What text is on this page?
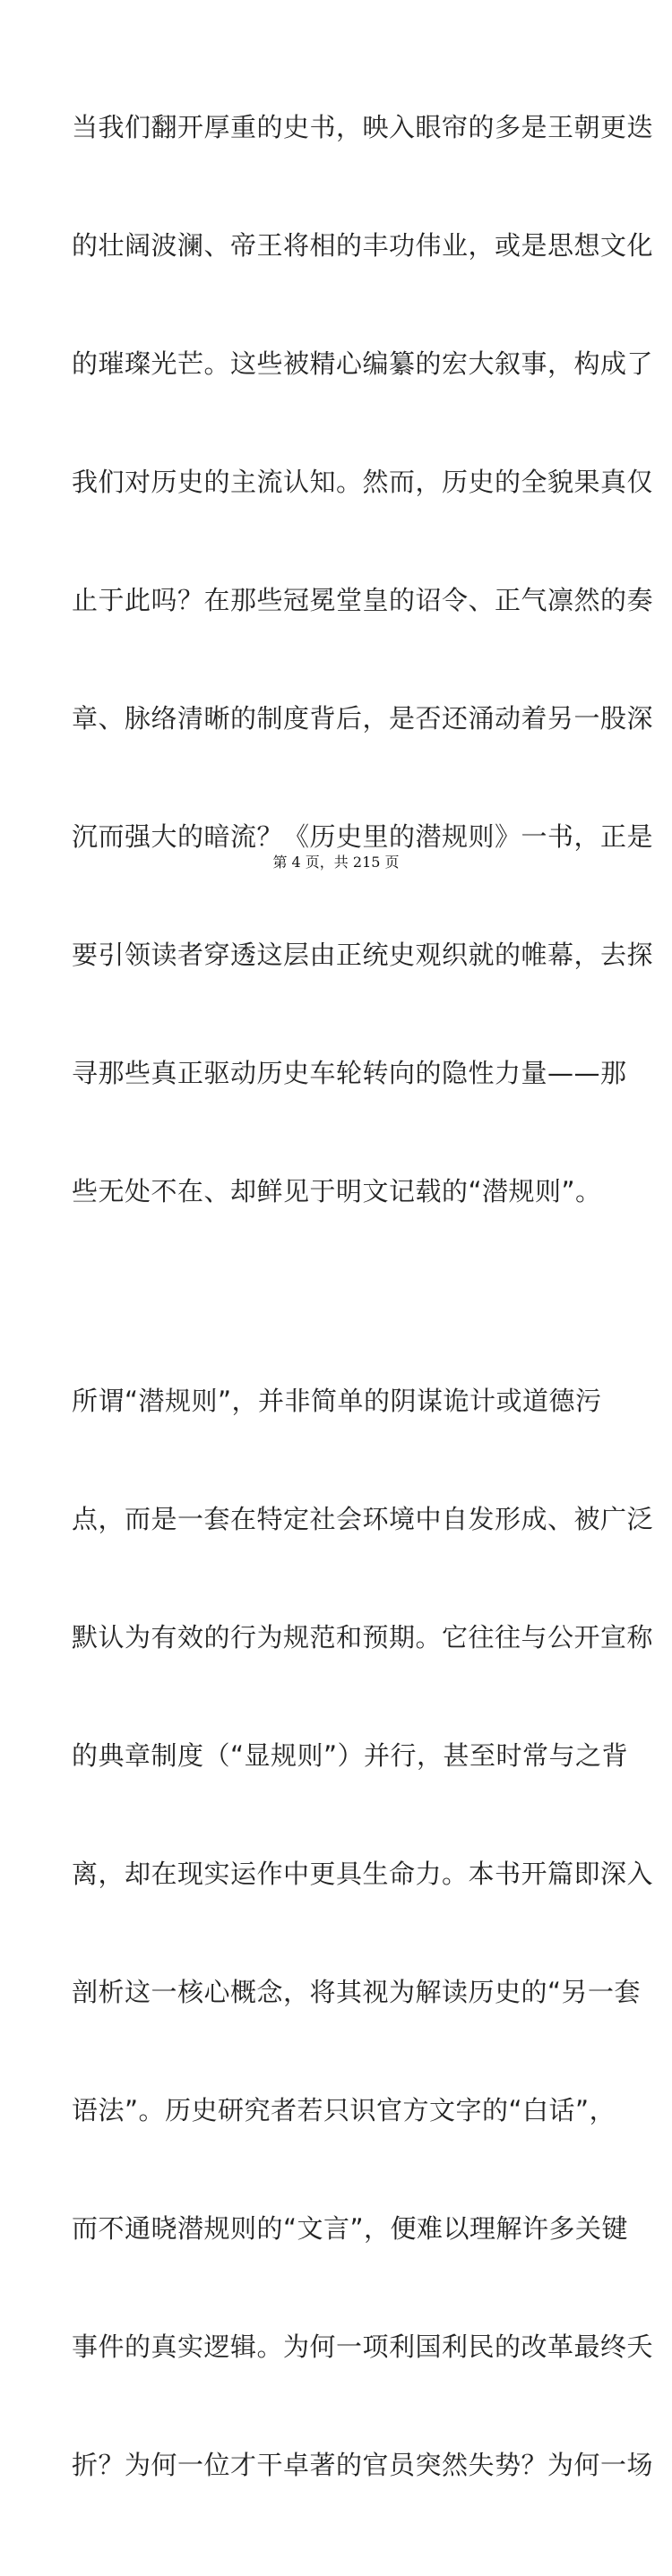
当我们翻开厚重的史书，映入眼帘的多是王朝更迭

的壮阔波澜、帝王将相的丰功伟业，或是思想文化

的璀璨光芒。这些被精心编纂的宏大叙事，构成了

我们对历史的主流认知。然而，历史的全貌果真仅

止于此吗？在那些冠冕堂皇的诏令、正气凛然的奏

章、脉络清晰的制度背后，是否还涌动着另一股深

沉而强大的暗流？《历史里的潜规则》一书，正是

要引领读者穿透这层由正统史观织就的帷幕，去探

寻那些真正驱动历史车轮转向的隐性力量——那

些无处不在、却鲜见于明文记载的“潜规则”。

所谓“潜规则”，并非简单的阴谋诡计或道德污

点，而是一套在特定社会环境中自发形成、被广泛

默认为有效的行为规范和预期。它往往与公开宣称

的典章制度（“显规则”）并行，甚至时常与之背

离，却在现实运作中更具生命力。本书开篇即深入

剖析这一核心概念，将其视为解读历史的“另一套

语法”。历史研究者若只识官方文字的“白话”，

而不通晓潜规则的“文言”，便难以理解许多关键

事件的真实逻辑。为何一项利国利民的改革最终夭

折？为何一位才干卓著的官员突然失势？为何一场

第 4 页，共 215 页
